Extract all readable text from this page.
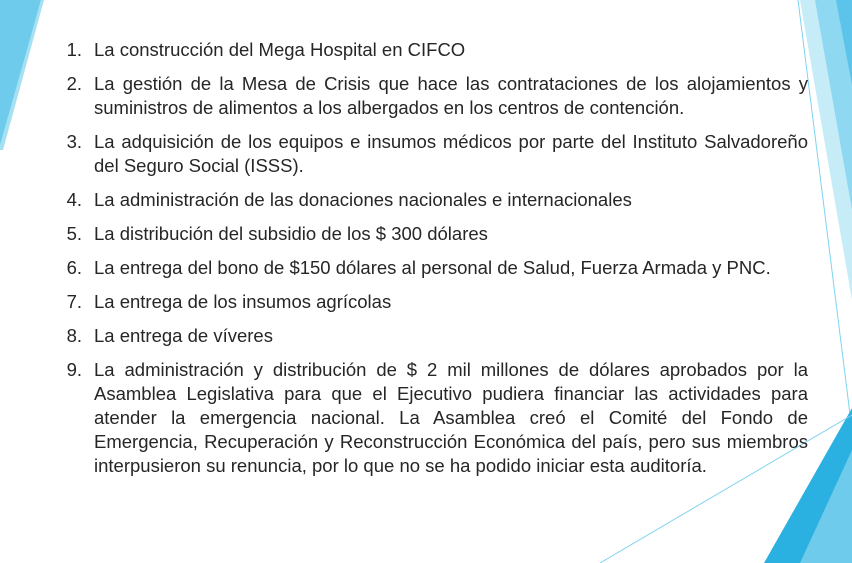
1. La construcción del Mega Hospital en CIFCO
2. La gestión de la Mesa de Crisis que hace las contrataciones de los alojamientos y suministros de alimentos a los albergados en los centros de contención.
3. La adquisición de los equipos e insumos médicos por parte del Instituto Salvadoreño del Seguro Social (ISSS).
4. La administración de las donaciones nacionales e internacionales
5. La distribución del subsidio de los $ 300 dólares
6. La entrega del bono de $150 dólares al personal de Salud, Fuerza Armada y PNC.
7. La entrega de los insumos agrícolas
8. La entrega de víveres
9. La administración y distribución de $ 2 mil millones de dólares aprobados por la Asamblea Legislativa para que el Ejecutivo pudiera financiar las actividades para atender la emergencia nacional. La Asamblea creó el Comité del Fondo de Emergencia, Recuperación y Reconstrucción Económica del país, pero sus miembros interpusieron su renuncia, por lo que no se ha podido iniciar esta auditoría.
